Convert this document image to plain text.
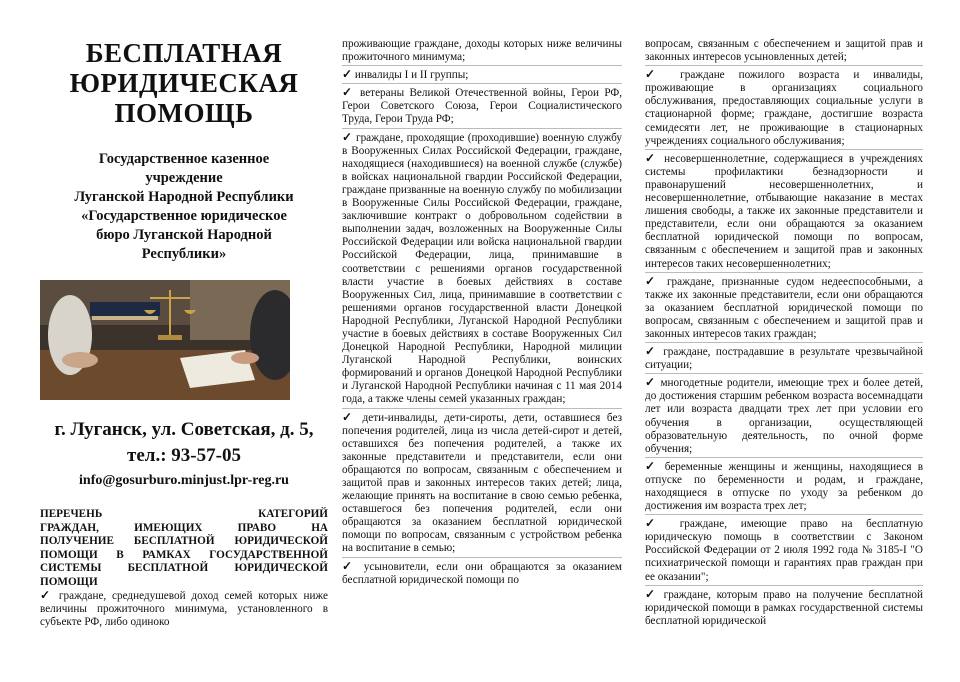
БЕСПЛАТНАЯ
ЮРИДИЧЕСКАЯ
ПОМОЩЬ
Государственное казенное
учреждение
Луганской Народной Республики
«Государственное юридическое
бюро Луганской Народной
Республики»
г. Луганск, ул. Советская, д. 5,
тел.: 93-57-05
info@gosurburo.minjust.lpr-reg.ru
ПЕРЕЧЕНЬ КАТЕГОРИЙ
ГРАЖДАН, ИМЕЮЩИХ ПРАВО НА
ПОЛУЧЕНИЕ БЕСПЛАТНОЙ ЮРИДИЧЕСКОЙ
ПОМОЩИ В РАМКАХ ГОСУДАРСТВЕННОЙ
СИСТЕМЫ БЕСПЛАТНОЙ ЮРИДИЧЕСКОЙ
ПОМОЩИ

✓ граждане, среднедушевой доход семей которых ниже величины прожиточного минимума, установленного в субъекте РФ, либо одиноко

проживающие граждане, доходы которых ниже величины прожиточного минимума;

✓ инвалиды I и II группы;

✓ ветераны Великой Отечественной войны, Герои РФ, Герои Советского Союза, Герои Социалистического Труда, Герои Труда РФ;

✓ граждане, проходящие (проходившие) военную службу в Вооруженных Силах Российской Федерации, граждане, находящиеся (находившиеся) на военной службе (службе) в войсках национальной гвардии Российской Федерации, граждане призванные на военную службу по мобилизации в Вооруженные Силы Российской Федерации, граждане, заключившие контракт о добровольном содействии в выполнении задач, возложенных на Вооруженные Силы Российской Федерации или войска национальной гвардии Российской Федерации, лица, принимавшие в соответствии с решениями органов государственной власти участие в боевых действиях в составе Вооруженных Сил, лица, принимавшие в соответствии с решениями органов государственной власти Донецкой Народной Республики, Луганской Народной Республики участие в боевых действиях в составе Вооруженных Сил Донецкой Народной Республики, Народной милиции Луганской Народной Республики, воинских формирований и органов Донецкой Народной Республики и Луганской Народной Республики начиная с 11 мая 2014 года, а также члены семей указанных граждан;

✓ дети-инвалиды, дети-сироты, дети, оставшиеся без попечения родителей, лица из числа детей-сирот и детей, оставшихся без попечения родителей, а также их законные представители и представители, если они обращаются по вопросам, связанным с обеспечением и защитой прав и законных интересов таких детей; лица, желающие принять на воспитание в свою семью ребенка, оставшегося без попечения родителей, если они обращаются за оказанием бесплатной юридической помощи по вопросам, связанным с устройством ребенка на воспитание в семью;

✓ усыновители, если они обращаются за оказанием бесплатной юридической помощи по

вопросам, связанным с обеспечением и защитой прав и законных интересов усыновленных детей;

✓ граждане пожилого возраста и инвалиды, проживающие в организациях социального обслуживания, предоставляющих социальные услуги в стационарной форме; граждане, достигшие возраста семидесяти лет, не проживающие в стационарных учреждениях социального обслуживания;

✓ несовершеннолетние, содержащиеся в учреждениях системы профилактики безнадзорности и правонарушений несовершеннолетних, и несовершеннолетние, отбывающие наказание в местах лишения свободы, а также их законные представители и представители, если они обращаются за оказанием бесплатной юридической помощи по вопросам, связанным с обеспечением и защитой прав и законных интересов таких несовершеннолетних;

✓ граждане, признанные судом недееспособными, а также их законные представители, если они обращаются за оказанием бесплатной юридической помощи по вопросам, связанным с обеспечением и защитой прав и законных интересов таких граждан;

✓ граждане, пострадавшие в результате чрезвычайной ситуации;

✓ многодетные родители, имеющие трех и более детей, до достижения старшим ребенком возраста восемнадцати лет или возраста двадцати трех лет при условии его обучения в организации, осуществляющей образовательную деятельность, по очной форме обучения;

✓ беременные женщины и женщины, находящиеся в отпуске по беременности и родам, и граждане, находящиеся в отпуске по уходу за ребенком до достижения им возраста трех лет;

✓ граждане, имеющие право на бесплатную юридическую помощь в соответствии с Законом Российской Федерации от 2 июля 1992 года № 3185-I "О психиатрической помощи и гарантиях прав граждан при ее оказании";

✓ граждане, которым право на получение бесплатной юридической помощи в рамках государственной системы бесплатной юридической
